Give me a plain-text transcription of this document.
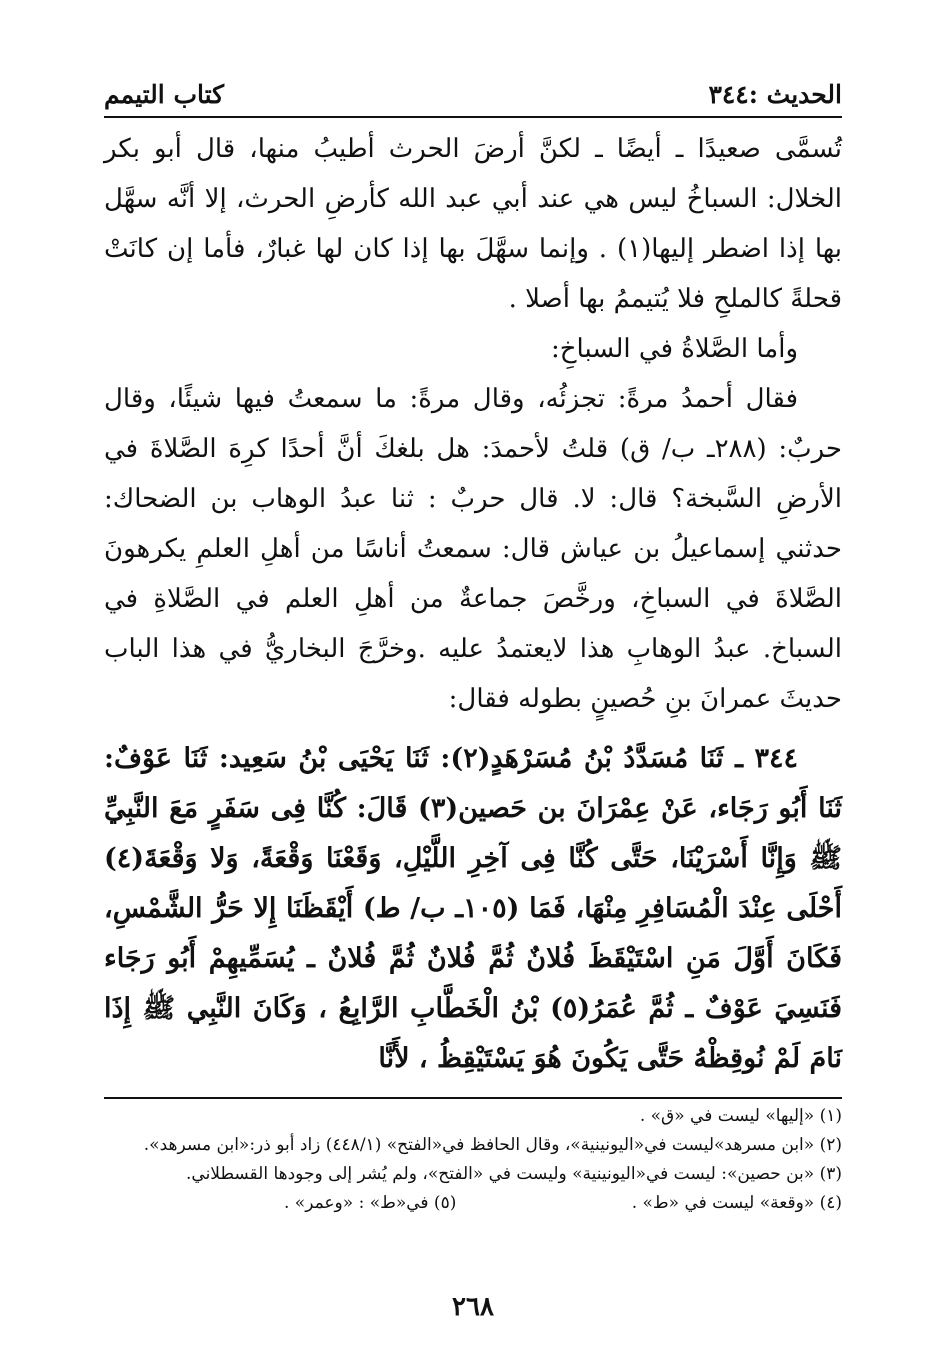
الحديث :٣٤٤
كتاب التيمم

تُسمَّى صعيدًا ـ أيضًا ـ لكنَّ أرضَ الحرث أطيبُ منها، قال أبو بكر الخلال: السباخُ ليس هي عند أبي عبد الله كأرضِ الحرث، إلا أنَّه سهَّل بها إذا اضطر إليها(١) . وإنما سهَّلَ بها إذا كان لها غبارٌ، فأما إن كانَتْ قحلةً كالملحِ فلا يُتيممُ بها أصلا .

وأما الصَّلاةُ في السباخِ:

فقال أحمدُ مرةً: تجزئُه، وقال مرةً: ما سمعتُ فيها شيئًا، وقال حربٌ: (٢٨٨ـ ب/ ق) قلتُ لأحمدَ: هل بلغكَ أنَّ أحدًا كرِهَ الصَّلاةَ في الأرضِ السَّبخة؟ قال: لا. قال حربٌ : ثنا عبدُ الوهاب بن الضحاك: حدثني إسماعيلُ بن عياش قال: سمعتُ أناسًا من أهلِ العلمِ يكرهونَ الصَّلاةَ في السباخِ، ورخَّصَ جماعةٌ من أهلِ العلم في الصَّلاةِ في السباخ. عبدُ الوهابِ هذا لايعتمدُ عليه .وخرَّجَ البخاريُّ في هذا الباب حديثَ عمرانَ بنِ حُصينٍ بطوله فقال:

٣٤٤ ـ ثَنَا مُسَدَّدُ بْنُ مُسَرْهَدٍ(٢): ثَنَا يَحْيَى بْنُ سَعِيد: ثَنَا عَوْفٌ: ثَنَا أَبُو رَجَاء، عَنْ عِمْرَانَ بن حَصين(٣) قَالَ: كُنَّا فِى سَفَرٍ مَعَ النَّبِيِّ ﷺ وَإِنَّا أَسْرَيْنَا، حَتَّى كُنَّا فِى آخِرِ اللَّيْلِ، وَقَعْنَا وَقْعَةً، وَلا وَقْعَةَ(٤) أَحْلَى عِنْدَ الْمُسَافِرِ مِنْهَا، فَمَا (١٠٥ـ ب/ ط) أَيْقَظَنَا إِلا حَرُّ الشَّمْسِ، فَكَانَ أَوَّلَ مَنِ اسْتَيْقَظَ فُلانٌ ثُمَّ فُلانٌ ثُمَّ فُلانٌ ـ يُسَمِّيهِمْ أَبُو رَجَاء فَنَسِيَ عَوْفٌ ـ ثُمَّ عُمَرُ(٥) بْنُ الْخَطَّابِ الرَّابِعُ ، وَكَانَ النَّبِي ﷺ إِذَا نَامَ لَمْ نُوقِظْهُ حَتَّى يَكُونَ هُوَ يَسْتَيْقِظُ ، لأَنَّا

(١) «إليها» ليست في «ق» .

(٢) «ابن مسرهد»ليست في«اليونينية»، وقال الحافظ في«الفتح» (٤٤٨/١) زاد أبو ذر:«ابن مسرهد».

(٣) «بن حصين»: ليست في«اليونينية» وليست في «الفتح»، ولم يُشر إلى وجودها القسطلاني.

(٤) «وقعة» ليست في «ط» .
(٥) في«ط» : «وعمر» .
٢٦٨
